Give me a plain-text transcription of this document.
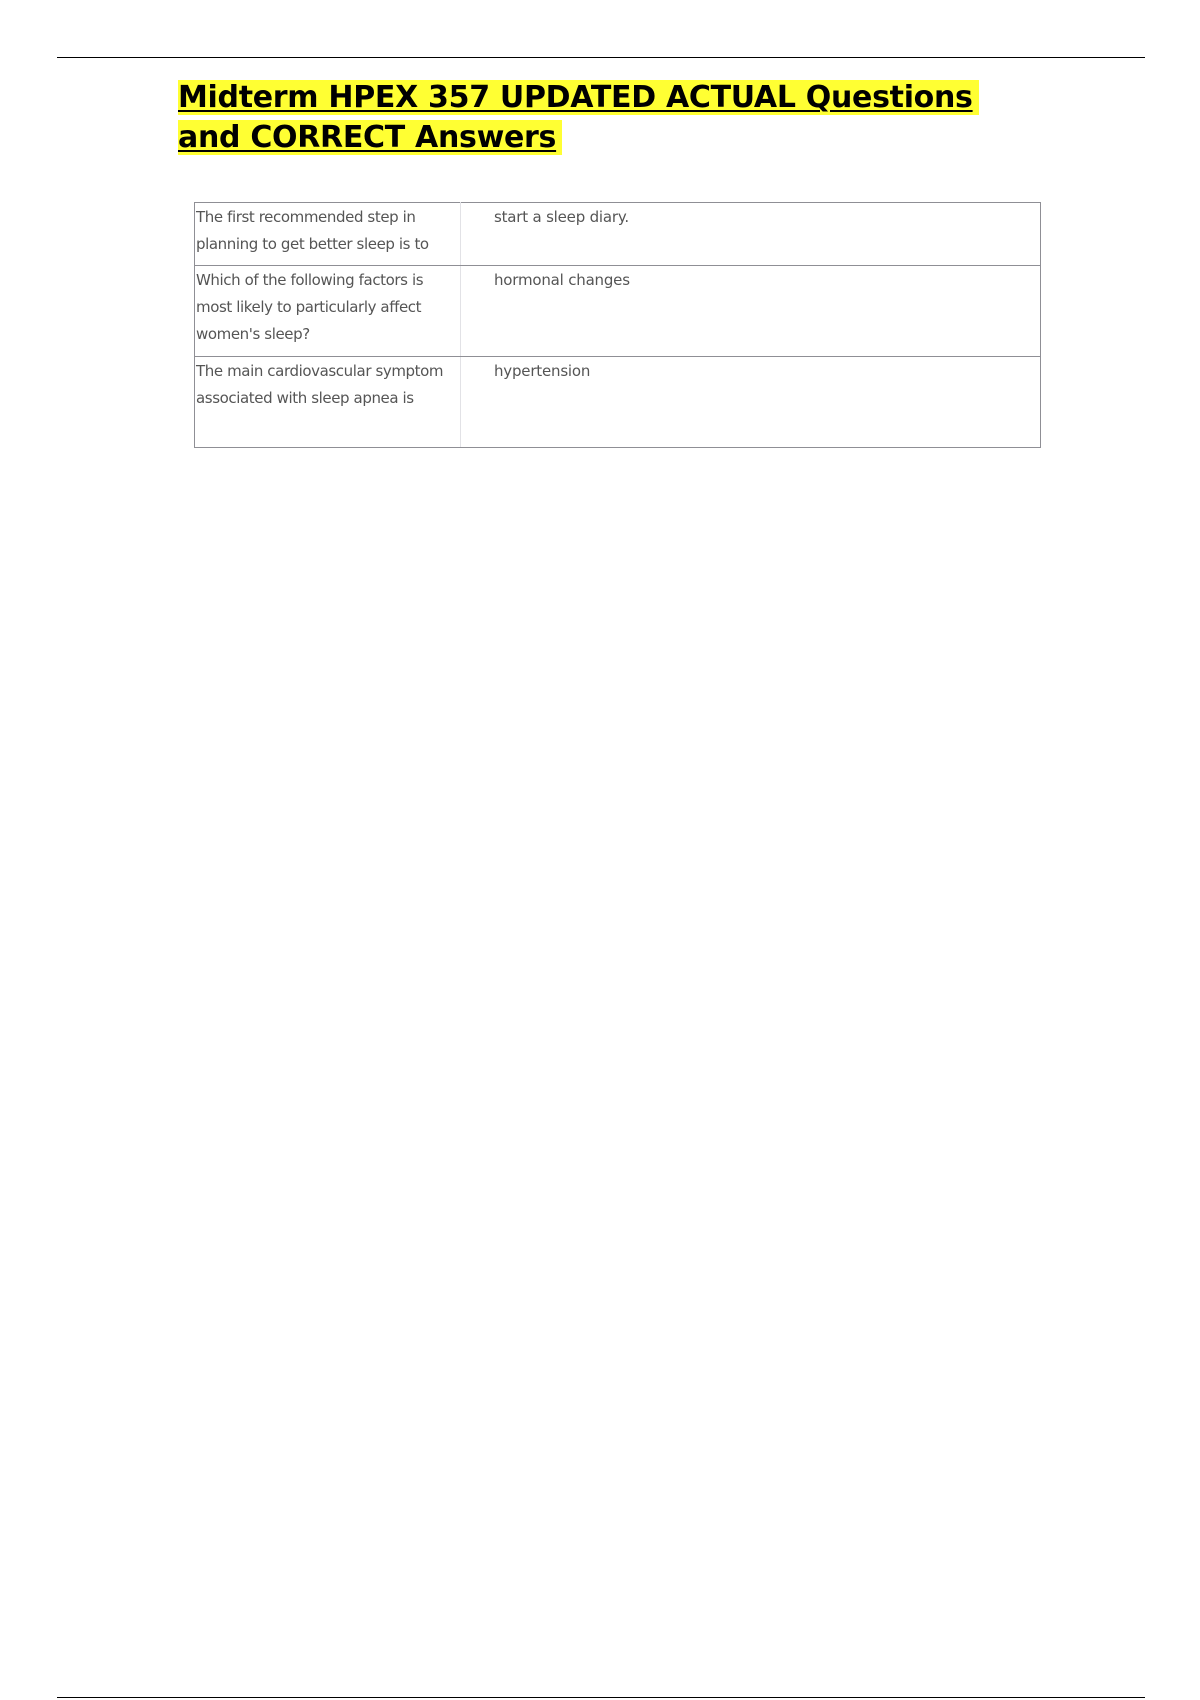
Midterm HPEX 357 UPDATED ACTUAL Questions and CORRECT Answers
The first recommended step in planning to get better sleep is to	start a sleep diary.

Which of the following factors is most likely to particularly affect women's sleep?	hormonal changes

The main cardiovascular symptom associated with sleep apnea is	hypertension
